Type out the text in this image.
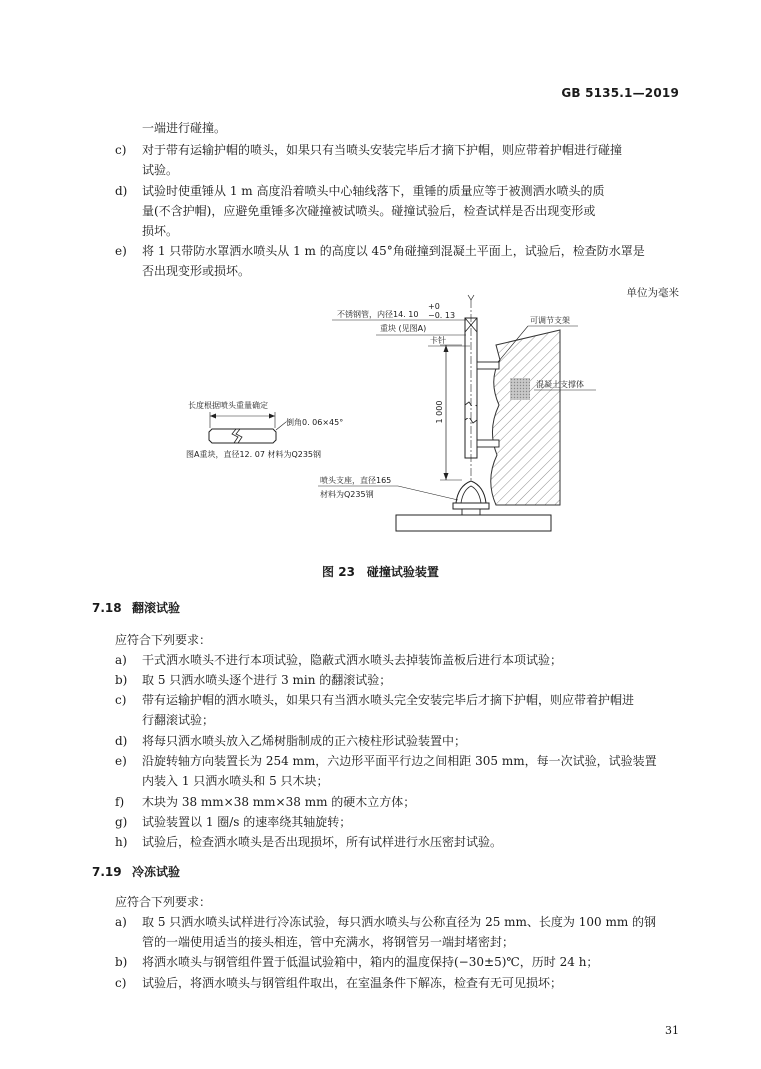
GB 5135.1—2019
一端进行碰撞。
c) 对于带有运输护帽的喷头，如果只有当喷头安装完毕后才摘下护帽，则应带着护帽进行碰撞
试验。
d) 试验时使重锤从 1 m 高度沿着喷头中心轴线落下，重锤的质量应等于被测洒水喷头的质
量(不含护帽)，应避免重锤多次碰撞被试喷头。碰撞试验后，检查试样是否出现变形或
损坏。
e) 将 1 只带防水罩洒水喷头从 1 m 的高度以 45°角碰撞到混凝土平面上，试验后，检查防水罩是
否出现变形或损坏。
单位为毫米
1 000
不锈钢管，内径14. 10
+0
−0. 13
重块 (见图A)
卡针
可调节支架
混凝土支撑体
喷头支座，直径165
材料为Q235钢
长度根据喷头重量确定
倒角0. 06×45°
图A重块，直径12. 07 材料为Q235钢
图 23　碰撞试验装置
7.18 翻滚试验
应符合下列要求：
a) 干式洒水喷头不进行本项试验，隐蔽式洒水喷头去掉装饰盖板后进行本项试验；
b) 取 5 只洒水喷头逐个进行 3 min 的翻滚试验；
c) 带有运输护帽的洒水喷头，如果只有当洒水喷头完全安装完毕后才摘下护帽，则应带着护帽进
行翻滚试验；
d) 将每只洒水喷头放入乙烯树脂制成的正六棱柱形试验装置中；
e) 沿旋转轴方向装置长为 254 mm，六边形平面平行边之间相距 305 mm，每一次试验，试验装置
内装入 1 只洒水喷头和 5 只木块；
f) 木块为 38 mm×38 mm×38 mm 的硬木立方体；
g) 试验装置以 1 圈/s 的速率绕其轴旋转；
h) 试验后，检查洒水喷头是否出现损坏，所有试样进行水压密封试验。
7.19 冷冻试验
应符合下列要求：
a) 取 5 只洒水喷头试样进行冷冻试验，每只洒水喷头与公称直径为 25 mm、长度为 100 mm 的钢
管的一端使用适当的接头相连，管中充满水，将钢管另一端封堵密封；
b) 将洒水喷头与钢管组件置于低温试验箱中，箱内的温度保持(−30±5)℃，历时 24 h；
c) 试验后，将洒水喷头与钢管组件取出，在室温条件下解冻，检查有无可见损坏；
31
